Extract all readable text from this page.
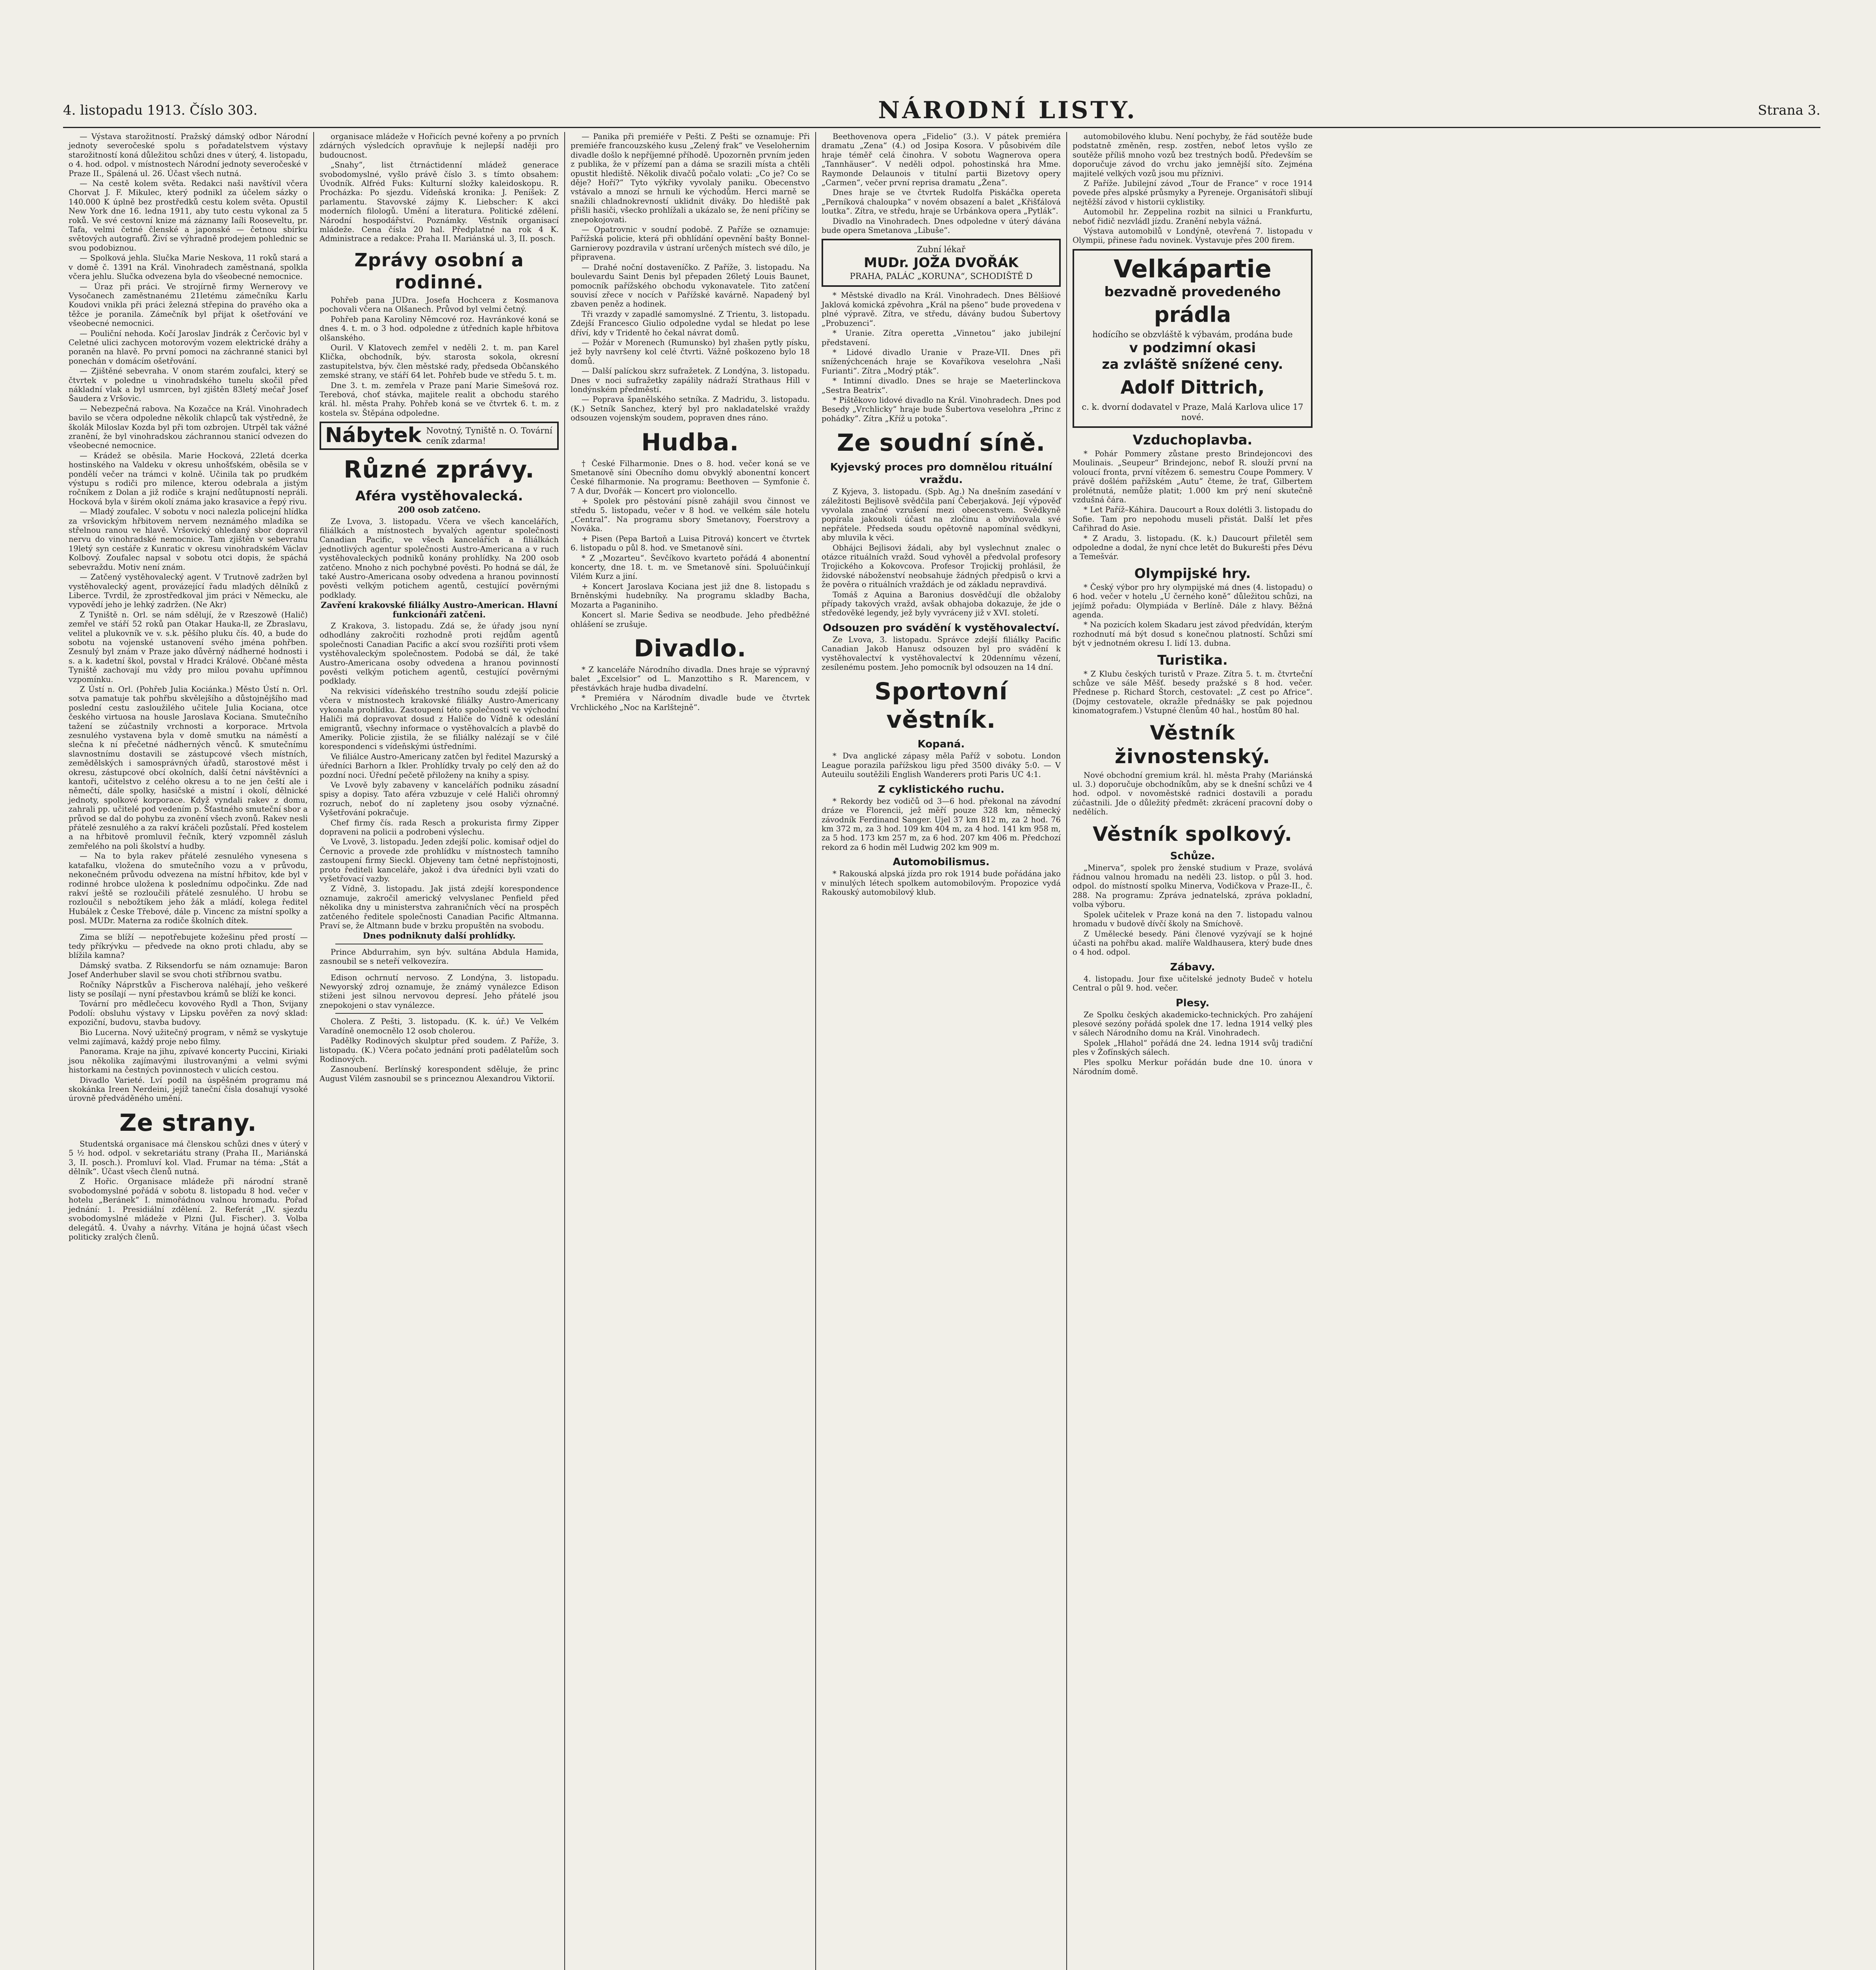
4. listopadu 1913. Číslo 303.	NÁRODNÍ LISTY.	Strana 3.

— Výstava starožitností. Pražský dámský odbor Národní jednoty severočeské spolu s pořadatelstvem výstavy starožitností koná důležitou schůzi dnes v úterý, 4. listopadu, o 4. hod. odpol. v místnostech Národní jednoty severočeské v Praze II., Spálená ul. 26. Účast všech nutná.

— Na cestě kolem světa. Redakci naši navštívil včera Chorvat J. F. Mikulec, který podnikl za účelem sázky o 140.000 K úplně bez prostředků cestu kolem světa. Opustil New York dne 16. ledna 1911, aby tuto cestu vykonal za 5 roků. Ve své cestovní knize má záznamy Iaíli Rooseveltu, pr. Tafa, velmi četné členské a japonské — četnou sbírku světových autografů. Živí se výhradně prodejem pohlednic se svou podobiznou.

— Spolková jehla. Slučka Marie Neskova, 11 roků stará a v domě č. 1391 na Král. Vinohradech zaměstnaná, spolkla včera jehlu. Slučka odvezena byla do všeobecné nemocnice.

— Úraz při práci. Ve strojírně firmy Wernerovy ve Vysočanech zaměstnanému 21letému zámečníku Karlu Koudovi vnikla při práci železná střepina do pravého oka a těžce je poranila. Zámečník byl přijat k ošetřování ve všeobecné nemocnici.

— Pouliční nehoda. Kočí Jaroslav Jindrák z Čerčovic byl v Celetné ulici zachycen motorovým vozem elektrické dráhy a poraněn na hlavě. Po první pomoci na záchranné stanici byl ponechán v domácím ošetřování.

— Zjištěné sebevraha. V onom starém zoufalci, který se čtvrtek v poledne u vinohradského tunelu skočil před nákladní vlak a byl usmrcen, byl zjištěn 83letý mečař Josef Šaudera z Vršovic.

— Nebezpečná rabova. Na Kozačce na Král. Vinohradech bavilo se včera odpoledne několik chlapců tak výstředně, že školák Miloslav Kozda byl při tom ozbrojen. Utrpěl tak vážné zranění, že byl vinohradskou záchrannou stanicí odvezen do všeobecné nemocnice.

— Krádež se oběsila. Marie Hocková, 22letá dcerka hostinského na Valdeku v okresu unhošťském, oběsila se v pondělí večer na trámci v kolně. Učinila tak po prudkém výstupu s rodiči pro milence, kterou odebrala a jistým ročníkem z Dolan a již rodiče s krajní nedůtupností nepráli. Hocková byla v širém okolí známa jako krasavice a řepý rivu.

— Mladý zoufalec. V sobotu v noci nalezla policejní hlídka za vršovickým hřbitovem nervem neznámého mladíka se střelnou ranou ve hlavě. Vršovický ohledaný sbor dopravil nervu do vinohradské nemocnice. Tam zjištěn v sebevrahu 19letý syn cestáře z Kunratic v okresu vinohradském Václav Kolbový. Zoufalec napsal v sobotu otci dopis, že spáchá sebevraždu. Motiv není znám.

— Zatčený vystěhovalecký agent. V Trutnově zadržen byl vystěhovalecký agent, provázející řadu mladých dělníků z Liberce. Tvrdil, že zprostředkoval jim práci v Německu, ale vypovědí jeho je lehký zadržen. (Ne Akr)

Z Tyniště n. Orl. se nám sdělují, že v Rzeszowě (Halič) zemřel ve stáří 52 roků pan Otakar Hauka-ll, ze Zbraslavu, velitel a plukovník ve v. s.k. pěšího pluku čís. 40, a bude do sobotu na vojenské ustanovení svého jména pohřben. Zesnulý byl znám v Praze jako důvěrný nádherné hodnosti i s. a k. kadetní škol, povstal v Hradci Králové. Občané města Tyniště zachovají mu vždy pro milou povahu upřímnou vzpomínku.

Z Ústí n. Orl. (Pohřeb Julia Kociánka.) Město Ústí n. Orl. sotva pamatuje tak pohřbu skvělejšího a důstojnějšího mad poslední cestu zasloužilého učitele Julia Kociana, otce českého virtuosa na housle Jaroslava Kociana. Smutečního tažení se zúčastnily vrchnosti a korporace. Mrtvola zesnulého vystavena byla v domě smutku na náměstí a slečna k ní přečetné nádherných věnců. K smutečnímu slavnostnímu dostavili se zástupcové všech místních, zemědělských i samosprávných úřadů, starostové měst i okresu, zástupcové obcí okolních, další četní návštěvníci a kantoři, učitelstvo z celého okresu a to ne jen čeští ale i němečtí, dále spolky, hasičské a mistní i okolí, dělnické jednoty, spolkové korporace. Když vyndali rakev z domu, zahrali pp. učitelé pod vedením p. Šťastného smuteční sbor a průvod se dal do pohybu za zvonění všech zvonů. Rakev nesli přátelé zesnulého a za rakví kráčeli pozůstalí. Před kostelem a na hřbitově promluvil řečník, který vzpomněl zásluh zemřelého na poli školství a hudby.

— Na to byla rakev přátelé zesnulého vynesena s katafalku, vložena do smutečního vozu a v průvodu, nekonečném průvodu odvezena na místní hřbitov, kde byl v rodinné hrobce uložena k poslednímu odpočinku. Zde nad rakví ještě se rozloučili přátelé zesnulého. U hrobu se rozloučil s nebožtíkem jeho žák a mládí, kolega ředitel Hubálek z Česke Třebové, dále p. Vincenc za místní spolky a posl. MUDr. Materna za rodiče školních dítek.

Zima se blíží — nepotřebujete kožešinu před prostí — tedy příkrývku — předvede na okno proti chladu, aby se blížila kamna?

Dámský svatba. Z Riksendorfu se nám oznamuje: Baron Josef Anderhuber slavil se svou choti stříbrnou svatbu.

Ročníky Náprstkův a Fischerova naléhají, jeho veškeré listy se posílají — nyní přestavbou krámů se blíží ke konci.

Tovární pro mědlečecu kovového Rydl a Thon, Svijany Podolí: obsluhu výstavy v Lipsku pověřen za nový sklad: expoziční, budovu, stavba budovy.

Bio Lucerna. Nový užitečný program, v němž se vyskytuje velmi zajímavá, každý proje nebo filmy.

Panorama. Kraje na jihu, zpívavé koncerty Puccini, Kiriaki jsou několika zajímavými ilustrovanými a velmi svými historkami na čestných povinnostech v ulicích cestou.

Divadlo Varieté. Lví podíl na úspěšném programu má skokánka Ireen Nerdeini, jejíž taneční čísla dosahují vysoké úrovně předváděného umění.

Ze strany.

Studentská organisace má členskou schůzi dnes v úterý v 5 ½ hod. odpol. v sekretariátu strany (Praha II., Mariánská 3, II. posch.). Promluví kol. Vlad. Frumar na téma: „Stát a dělník“. Účast všech členů nutná.

Z Hořic. Organisace mládeže při národní straně svobodomyslné pořádá v sobotu 8. listopadu 8 hod. večer v hotelu „Beránek“ I. mimořádnou valnou hromadu. Pořad jednání: 1. Presidiální zdělení. 2. Referát „IV. sjezdu svobodomyslné mládeže v Plzni (Jul. Fischer). 3. Volba delegátů. 4. Úvahy a návrhy. Vítána je hojná účast všech politicky zralých členů.

organisace mládeže v Hořicích pevné kořeny a po prvních zdárných výsledcích opravňuje k nejlepší naději pro budoucnost.

„Snahy“, list čtrnáctidenní mládež generace svobodomyslné, vyšlo právě číslo 3. s tímto obsahem: Úvodník. Alfréd Fuks: Kulturní složky kaleidoskopu. R. Procházka: Po sjezdu. Vídeňská kronika: J. Peníšek: Z parlamentu. Stavovské zájmy K. Liebscher: K akci moderních filologů. Umění a literatura. Politické zdělení. Národní hospodářství. Poznámky. Věstník organisací mládeže. Cena čísla 20 hal. Předplatné na rok 4 K. Administrace a redakce: Praha II. Mariánská ul. 3, II. posch.

Zprávy osobní a rodinné.

Pohřeb pana JUDra. Josefa Hochcera z Kosmanova pochovali včera na Olšanech. Průvod byl velmi četný.

Pohřeb pana Karoliny Němcové roz. Havránkové koná se dnes 4. t. m. o 3 hod. odpoledne z útředních kaple hřbitova olšanského.

Ouril. V Klatovech zemřel v neděli 2. t. m. pan Karel Klička, obchodník, býv. starosta sokola, okresní zastupitelstva, býv. člen městské rady, předseda Občanského zemské strany, ve stáří 64 let. Pohřeb bude ve středu 5. t. m.

Dne 3. t. m. zemřela v Praze paní Marie Simešová roz. Terebová, choť stávka, majitele realit a obchodu starého král. hl. města Prahy. Pohřeb koná se ve čtvrtek 6. t. m. z kostela sv. Štěpána odpoledne.

Nábytek Novotný, Tyniště n. O. Tovární ceník zdarma!
Různé zprávy.
Aféra vystěhovalecká.
200 osob zatčeno.

Ze Lvova, 3. listopadu. Včera ve všech kancelářích, filiálkách a místnostech byvalých agentur společnosti Canadian Pacific, ve všech kancelářích a filiálkách jednotlivých agentur společnosti Austro-Americana a v ruch vystěhovaleckých podniků konány prohlídky. Na 200 osob zatčeno. Mnoho z nich pochybné pověsti. Po hodná se dál, že také Austro-Americana osoby odvedena a hranou povinností pověsti velkým potichem agentů, cestující pověrnými podklady.

Zavření krakovské filiálky Austro-American. Hlavní funkcionáři zatčeni.

Z Krakova, 3. listopadu. Zdá se, že úřady jsou nyní odhodlány zakročiti rozhodně proti rejdům agentů společnosti Canadian Pacific a akcí svou rozšířiti proti všem vystěhovaleckým společnostem. Podobá se dál, že také Austro-Americana osoby odvedena a hranou povinností pověsti velkým potichem agentů, cestující pověrnými podklady.

Na rekvisici vídeňského trestního soudu zdejší policie včera v místnostech krakovské filiálky Austro-Americany vykonala prohlídku. Zastoupení této společnosti ve východní Haliči má dopravovat dosud z Haliče do Vídně k odeslání emigrantů, všechny informace o vystěhovalcích a plavbě do Ameriky. Policie zjistila, že se filiálky nalézají se v čilé korespondenci s vídeňskými ústředními.

Ve filiálce Austro-Americany zatčen byl ředitel Mazurský a úředníci Barhorn a Ikler. Prohlídky trvaly po celý den až do pozdní noci. Úřední pečetě přiloženy na knihy a spisy.

Ve Lvově byly zabaveny v kancelářích podniku zásadní spisy a dopisy. Tato aféra vzbuzuje v celé Haliči ohromný rozruch, neboť do ní zapleteny jsou osoby význačné. Vyšetřování pokračuje.

Chef firmy čís. rada Resch a prokurista firmy Zipper dopraveni na policii a podrobeni výslechu.

Ve Lvově, 3. listopadu. Jeden zdejší polic. komisař odjel do Černovic a provede zde prohlídku v místnostech tamního zastoupení firmy Sieckl. Objeveny tam četné nepřístojnosti, proto řediteli kanceláře, jakož i dva úředníci byli vzati do vyšetřovací vazby.

Z Vídně, 3. listopadu. Jak jistá zdejší korespondence oznamuje, zakročil americký velvyslanec Penfield před několika dny u ministerstva zahraničních věcí na prospěch zatčeného ředitele společnosti Canadian Pacific Altmanna. Praví se, že Altmann bude v brzku propuštěn na svobodu.

Dnes podniknuty další prohlídky.

Prince Abdurrahim, syn býv. sultána Abdula Hamida, zasnoubil se s neteří velkovezíra.

Edison ochrnutí nervoso. Z Londýna, 3. listopadu. Newyorský zdroj oznamuje, že známý vynálezce Edison stiženi jest silnou nervovou depresí. Jeho přátelé jsou znepokojeni o stav vynálezce.

Cholera. Z Pešti, 3. listopadu. (K. k. úř.) Ve Velkém Varadíně onemocnělo 12 osob cholerou.

Padělky Rodinových skulptur před soudem. Z Paříže, 3. listopadu. (K.) Včera počato jednání proti padělatelům soch Rodinových.

Zasnoubení. Berlínský korespondent sděluje, že princ August Vilém zasnoubil se s princeznou Alexandrou Viktorií.

— Panika při premiéře v Pešti. Z Pešti se oznamuje: Při premiéře francouzského kusu „Zelený frak“ ve Veselohernim divadle došlo k nepříjemné příhodě. Upozorněn prvním jeden z publika, že v přízemí pan a dáma se srazili místa a chtěli opustit hlediště. Několik divačů počalo volati: „Co je? Co se děje? Hoří?“ Tyto výkřiky vyvolaly paniku. Obecenstvo vstávalo a mnozí se hrnuli ke východům. Herci marně se snažili chladnokrevností uklidnit diváky. Do hlediště pak přišli hasiči, všecko prohlížali a ukázalo se, že není příčiny se znepokojovati.

— Opatrovnic v soudní podobě. Z Paříže se oznamuje: Pařížská policie, která při obhlídání opevnění bašty Bonnel-Garnierovy pozdravila v ústraní určených místech své dílo, je připravena.

— Drahé noční dostaveníčko. Z Paříže, 3. listopadu. Na boulevardu Saint Denis byl přepaden 26letý Louis Baunet, pomocník pařížského obchodu vykonavatele. Tito zatčení souvisí zřece v nocích v Pařížské kavárně. Napadený byl zbaven peněz a hodinek.

Tři vrazdy v zapadlé samomyslné. Z Trientu, 3. listopadu. Zdejší Francesco Giulio odpoledne vydal se hledat po lese dříví, kdy v Tridentě ho čekal návrat domů.

— Požár v Morenech (Rumunsko) byl zhašen pytly písku, jež byly navršeny kol celé čtvrti. Vážně poškozeno bylo 18 domů.

— Další palíckou skrz sufražetek. Z Londýna, 3. listopadu. Dnes v noci sufražetky zapálily nádraží Strathaus Hill v londýnském předměstí.

— Poprava španělského setníka. Z Madridu, 3. listopadu. (K.) Setník Sanchez, který byl pro nakladatelské vraždy odsouzen vojenským soudem, popraven dnes ráno.

Hudba.

† České Filharmonie. Dnes o 8. hod. večer koná se ve Smetanově síni Obecního domu obvyklý abonentní koncert České filharmonie. Na programu: Beethoven — Symfonie č. 7 A dur, Dvořák — Koncert pro violoncello.

+ Spolek pro pěstování písně zahájil svou činnost ve středu 5. listopadu, večer v 8 hod. ve velkém sále hotelu „Central“. Na programu sbory Smetanovy, Foerstrovy a Nováka.

+ Pisen (Pepa Bartoň a Luisa Pitrová) koncert ve čtvrtek 6. listopadu o půl 8. hod. ve Smetanově síni.

* Z „Mozarteu“. Ševčíkovo kvarteto pořádá 4 abonentní koncerty, dne 18. t. m. ve Smetanově síni. Spoluúčinkují Vilém Kurz a jiní.

+ Koncert Jaroslava Kociana jest již dne 8. listopadu s Brněnskými hudebníky. Na programu skladby Bacha, Mozarta a Paganiniho.

Koncert sl. Marie Šediva se neodbude. Jeho předběžné ohlášení se zrušuje.

Divadlo.

* Z kanceláře Národního divadla. Dnes hraje se výpravný balet „Excelsior“ od L. Manzottiho s R. Marencem, v přestávkách hraje hudba divadelní.

* Premiéra v Národním divadle bude ve čtvrtek Vrchlického „Noc na Karlštejně“.

Beethovenova opera „Fidelio“ (3.). V pátek premiéra dramatu „Zena“ (4.) od Josipa Kosora. V působivém díle hraje téměř celá činohra. V sobotu Wagnerova opera „Tannhäuser“. V neděli odpol. pohostinská hra Mme. Raymonde Delaunois v titulní partii Bizetovy opery „Carmen“, večer první reprisa dramatu „Žena“.

Dnes hraje se ve čtvrtek Rudolfa Piskáčka opereta „Perníková chaloupka“ v novém obsazení a balet „Křišťálová loutka“. Zítra, ve středu, hraje se Urbánkova opera „Pytlák“.

Divadlo na Vinohradech. Dnes odpoledne v úterý dávána bude opera Smetanova „Libuše“.

Zubní lékař
MUDr. JOŽA DVOŘÁK
PRAHA, PALÁC „KORUNA“, SCHODIŠTĚ D

* Městské divadlo na Král. Vinohradech. Dnes Bělšiové Jaklová komická zpěvohra „Král na pšeno“ bude provedena v plné výpravě. Zítra, ve středu, dávány budou Šubertovy „Probuzenci“.

* Uranie. Zítra operetta „Vinnetou“ jako jubilejní představení.

* Lidové divadlo Uranie v Praze-VII. Dnes při sníženýchcenách hraje se Kovaříkova veselohra „Naši Furianti“. Zítra „Modrý pták“.

* Intimní divadlo. Dnes se hraje se Maeterlinckova „Sestra Beatrix“.

* Pištěkovo lidové divadlo na Král. Vinohradech. Dnes pod Besedy „Vrchlicky“ hraje bude Šubertova veselohra „Princ z pohádky“. Zítra „Kříž u potoka“.

Ze soudní síně.
Kyjevský proces pro domnělou rituální vraždu.

Z Kyjeva, 3. listopadu. (Spb. Ag.) Na dnešním zasedání v záležitosti Bejlisově svědčila paní Čeberjaková. Její výpověď vyvolala značné vzrušení mezi obecenstvem. Svědkyně popírala jakoukoli účast na zločinu a obviňovala své nepřátele. Předseda soudu opětovně napomínal svědkyni, aby mluvila k věci.

Obhájci Bejlisovi žádali, aby byl vyslechnut znalec o otázce rituálních vražd. Soud vyhověl a předvolal profesory Trojického a Kokovcova. Profesor Trojickij prohlásil, že židovské náboženství neobsahuje žádných předpisů o krvi a že pověra o rituálních vraždách je od základu nepravdivá.

Tomáš z Aquina a Baronius dosvědčují dle obžaloby případy takových vražd, avšak obhajoba dokazuje, že jde o středověké legendy, jež byly vyvráceny již v XVI. století.

Odsouzen pro svádění k vystěhovalectví.

Ze Lvova, 3. listopadu. Správce zdejší filiálky Pacific Canadian Jakob Hanusz odsouzen byl pro svádění k vystěhovalectví k vystěhovalectví k 20dennímu vězení, zesílenému postem. Jeho pomocník byl odsouzen na 14 dní.

Sportovní věstník.
Kopaná.

* Dva anglické zápasy měla Paříž v sobotu. London League porazila pařížskou ligu před 3500 diváky 5:0. — V Auteuilu soutěžili English Wanderers proti Paris UC 4:1.

Z cyklistického ruchu.

* Rekordy bez vodičů od 3—6 hod. překonal na závodní dráze ve Florencii, jež měří pouze 328 km, německý závodník Ferdinand Sanger. Ujel 37 km 812 m, za 2 hod. 76 km 372 m, za 3 hod. 109 km 404 m, za 4 hod. 141 km 958 m, za 5 hod. 173 km 257 m, za 6 hod. 207 km 406 m. Předchozí rekord za 6 hodin měl Ludwig 202 km 909 m.

Automobilismus.

* Rakouská alpská jízda pro rok 1914 bude pořádána jako v minulých létech spolkem automobilovým. Propozice vydá Rakouský automobilový klub.

automobilového klubu. Není pochyby, že řád soutěže bude podstatně změněn, resp. zostřen, neboť letos vyšlo ze soutěže příliš mnoho vozů bez trestných bodů. Především se doporučuje závod do vrchu jako jemnější síto. Zejména majitelé velkých vozů jsou mu příznivi.

Z Paříže. Jubilejní závod „Tour de France“ v roce 1914 povede přes alpské průsmyky a Pyreneje. Organisátoři slibují nejtěžší závod v historii cyklistiky.

Automobil hr. Zeppelina rozbit na silnici u Frankfurtu, neboť řidič nezvládl jízdu. Zranění nebyla vážná.

Výstava automobilů v Londýně, otevřená 7. listopadu v Olympii, přinese řadu novinek. Vystavuje přes 200 firem.

Velkápartie
bezvadně provedeného
prádla
hodícího se obzvláště k výbavám, prodána bude
v podzimní okasi
za zvláště snížené ceny.
Adolf Dittrich,
c. k. dvorní dodavatel v Praze, Malá Karlova ulice 17 nové.
Vzduchoplavba.

* Pohár Pommery zůstane presto Brindejoncovi des Moulinais. „Seupeur“ Brindejonc, nebof R. slouží první na voloucí fronta, první vítězem 6. semestru Coupe Pommery. V právě došlém pařížském „Autu“ čteme, že trať, Gilbertem prolétnutá, nemůže platit; 1.000 km prý není skutečně vzdušná čára.

* Let Paříž–Káhira. Daucourt a Roux dolétli 3. listopadu do Sofie. Tam pro nepohodu museli přistát. Další let přes Cařihrad do Asie.

* Z Aradu, 3. listopadu. (K. k.) Daucourt přiletěl sem odpoledne a dodal, že nyní chce letět do Bukurešti přes Dévu a Temešvár.

Olympijské hry.

* Český výbor pro hry olympijské má dnes (4. listopadu) o 6 hod. večer v hotelu „U černého koně“ důležitou schůzi, na jejímž pořadu: Olympiáda v Berlíně. Dále z hlavy. Běžná agenda.

* Na pozicích kolem Skadaru jest závod předvídán, kterým rozhodnutí má být dosud s konečnou platností. Schůzi smí být v jednotném okresu I. lidí 13. dubna.

Turistika.

* Z Klubu českých turistů v Praze. Zítra 5. t. m. čtvrteční schůze ve sále Měšť. besedy pražské s 8 hod. večer. Přednese p. Richard Štorch, cestovatel: „Z cest po Africe“. (Dojmy cestovatele, okražle přednášky se pak pojednou kinomatografem.) Vstupné členům 40 hal., hostům 80 hal.

Věstník živnostenský.

Nové obchodní gremium král. hl. města Prahy (Mariánská ul. 3.) doporučuje obchodníkům, aby se k dnešní schůzi ve 4 hod. odpol. v novoměstské radnici dostavili a poradu zúčastnili. Jde o důležitý předmět: zkrácení pracovní doby o nedělích.

Věstník spolkový.
Schůze.

„Minerva“, spolek pro ženské studium v Praze, svolává řádnou valnou hromadu na neděli 23. listop. o půl 3. hod. odpol. do místností spolku Minerva, Vodičkova v Praze-II., č. 288. Na programu: Zpráva jednatelská, zpráva pokladní, volba výboru.

Spolek učitelek v Praze koná na den 7. listopadu valnou hromadu v budově dívčí školy na Smíchově.

Z Umělecké besedy. Páni členové vyzývají se k hojné účasti na pohřbu akad. malíře Waldhausera, který bude dnes o 4 hod. odpol.

Zábavy.

4. listopadu. Jour fixe učitelské jednoty Budeč v hotelu Central o půl 9. hod. večer.

Plesy.

Ze Spolku českých akademicko-technických. Pro zahájení plesové sezóny pořádá spolek dne 17. ledna 1914 velký ples v sálech Národního domu na Král. Vinohradech.

Spolek „Hlahol“ pořádá dne 24. ledna 1914 svůj tradiční ples v Žofínských sálech.

Ples spolku Merkur pořádán bude dne 10. února v Národním domě.
